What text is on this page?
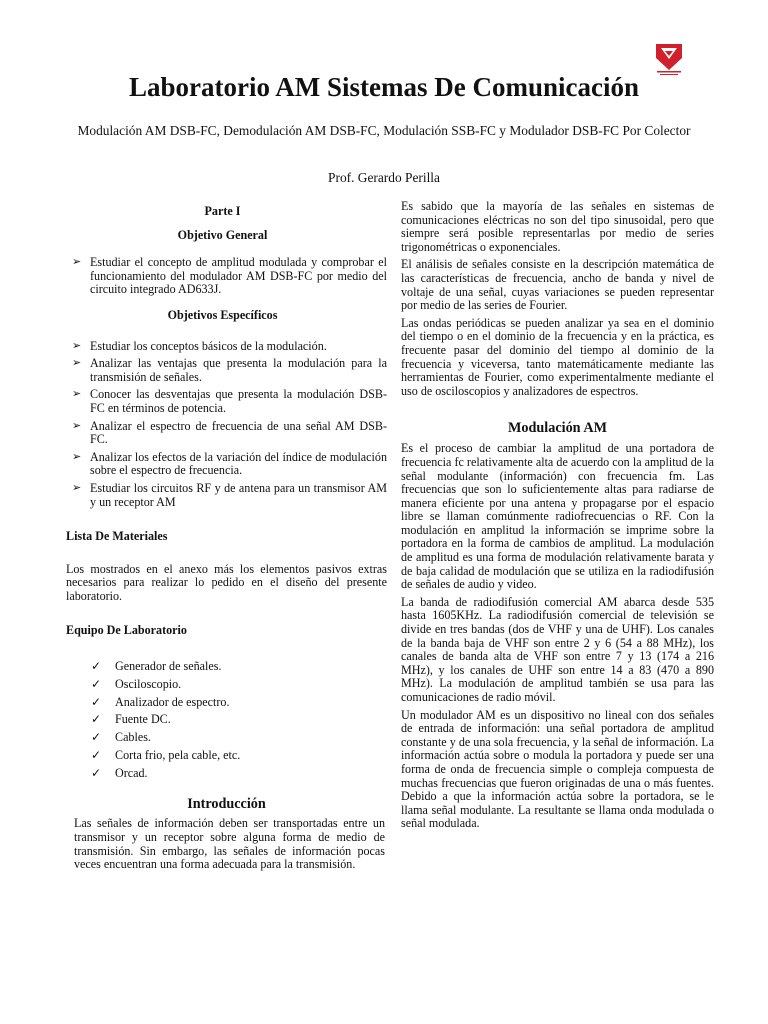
Laboratorio AM Sistemas De Comunicación
Modulación AM DSB-FC, Demodulación AM DSB-FC, Modulación SSB-FC y Modulador DSB-FC Por Colector
Prof. Gerardo Perilla
Parte I
Objetivo General
➢ Estudiar el concepto de amplitud modulada y comprobar el funcionamiento del modulador AM DSB-FC por medio del circuito integrado AD633J.
Objetivos Específicos
➢ Estudiar los conceptos básicos de la modulación.
➢ Analizar las ventajas que presenta la modulación para la transmisión de señales.
➢ Conocer las desventajas que presenta la modulación DSB-FC en términos de potencia.
➢ Analizar el espectro de frecuencia de una señal AM DSB-FC.
➢ Analizar los efectos de la variación del índice de modulación sobre el espectro de frecuencia.
➢ Estudiar los circuitos RF y de antena para un transmisor AM y un receptor AM
Lista De Materiales

Los mostrados en el anexo más los elementos pasivos extras necesarios para realizar lo pedido en el diseño del presente laboratorio.

Equipo De Laboratorio
✓ Generador de señales.
✓ Osciloscopio.
✓ Analizador de espectro.
✓ Fuente DC.
✓ Cables.
✓ Corta frio, pela cable, etc.
✓ Orcad.
Introducción

Las señales de información deben ser transportadas entre un transmisor y un receptor sobre alguna forma de medio de transmisión. Sin embargo, las señales de información pocas veces encuentran una forma adecuada para la transmisión.

Es sabido que la mayoría de las señales en sistemas de comunicaciones eléctricas no son del tipo sinusoidal, pero que siempre será posible representarlas por medio de series trigonométricas o exponenciales.

El análisis de señales consiste en la descripción matemática de las características de frecuencia, ancho de banda y nivel de voltaje de una señal, cuyas variaciones se pueden representar por medio de las series de Fourier.

Las ondas periódicas se pueden analizar ya sea en el dominio del tiempo o en el dominio de la frecuencia y en la práctica, es frecuente pasar del dominio del tiempo al dominio de la frecuencia y viceversa, tanto matemáticamente mediante las herramientas de Fourier, como experimentalmente mediante el uso de osciloscopios y analizadores de espectros.

Modulación AM

Es el proceso de cambiar la amplitud de una portadora de frecuencia fc relativamente alta de acuerdo con la amplitud de la señal modulante (información) con frecuencia fm. Las frecuencias que son lo suficientemente altas para radiarse de manera eficiente por una antena y propagarse por el espacio libre se llaman comúnmente radiofrecuencias o RF. Con la modulación en amplitud la información se imprime sobre la portadora en la forma de cambios de amplitud. La modulación de amplitud es una forma de modulación relativamente barata y de baja calidad de modulación que se utiliza en la radiodifusión de señales de audio y video.

La banda de radiodifusión comercial AM abarca desde 535 hasta 1605KHz. La radiodifusión comercial de televisión se divide en tres bandas (dos de VHF y una de UHF). Los canales de la banda baja de VHF son entre 2 y 6 (54 a 88 MHz), los canales de banda alta de VHF son entre 7 y 13 (174 a 216 MHz), y los canales de UHF son entre 14 a 83 (470 a 890 MHz). La modulación de amplitud también se usa para las comunicaciones de radio móvil.

Un modulador AM es un dispositivo no lineal con dos señales de entrada de información: una señal portadora de amplitud constante y de una sola frecuencia, y la señal de información. La información actúa sobre o modula la portadora y puede ser una forma de onda de frecuencia simple o compleja compuesta de muchas frecuencias que fueron originadas de una o más fuentes. Debido a que la información actúa sobre la portadora, se le llama señal modulante. La resultante se llama onda modulada o señal modulada.
